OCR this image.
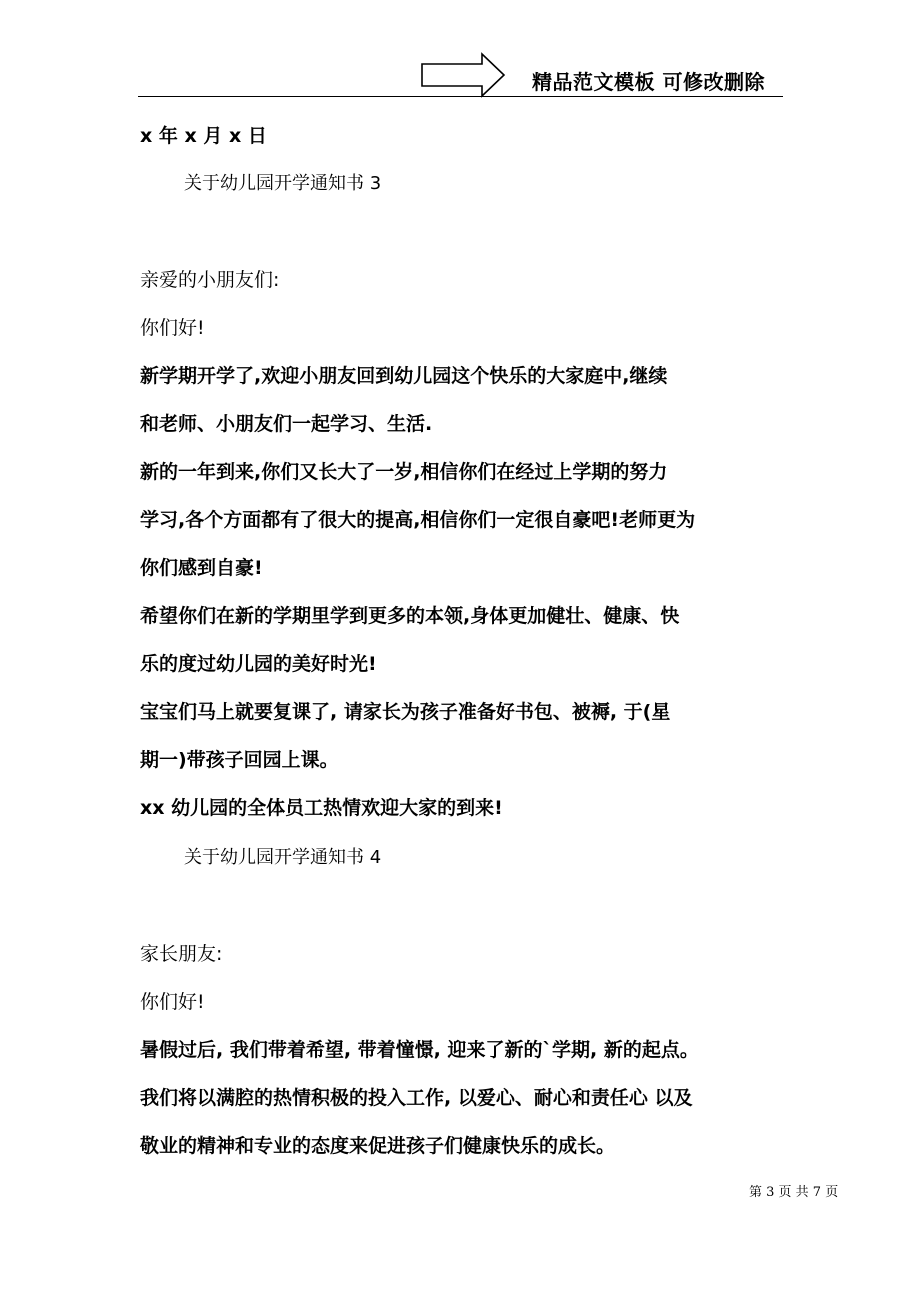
精品范文模板 可修改删除
x 年 x 月 x 日
关于幼儿园开学通知书 3
亲爱的小朋友们:
你们好!
新学期开学了,欢迎小朋友回到幼儿园这个快乐的大家庭中,继续
和老师、小朋友们一起学习、生活.
新的一年到来,你们又长大了一岁,相信你们在经过上学期的努力
学习,各个方面都有了很大的提高,相信你们一定很自豪吧!老师更为
你们感到自豪!
希望你们在新的学期里学到更多的本领,身体更加健壮、健康、快
乐的度过幼儿园的美好时光!
宝宝们马上就要复课了, 请家长为孩子准备好书包、被褥, 于(星
期一)带孩子回园上课。
xx 幼儿园的全体员工热情欢迎大家的到来!
关于幼儿园开学通知书 4
家长朋友:
你们好!
暑假过后, 我们带着希望, 带着憧憬, 迎来了新的`学期, 新的起点。
我们将以满腔的热情积极的投入工作, 以爱心、耐心和责任心 以及
敬业的精神和专业的态度来促进孩子们健康快乐的成长。
第 3 页 共 7 页
